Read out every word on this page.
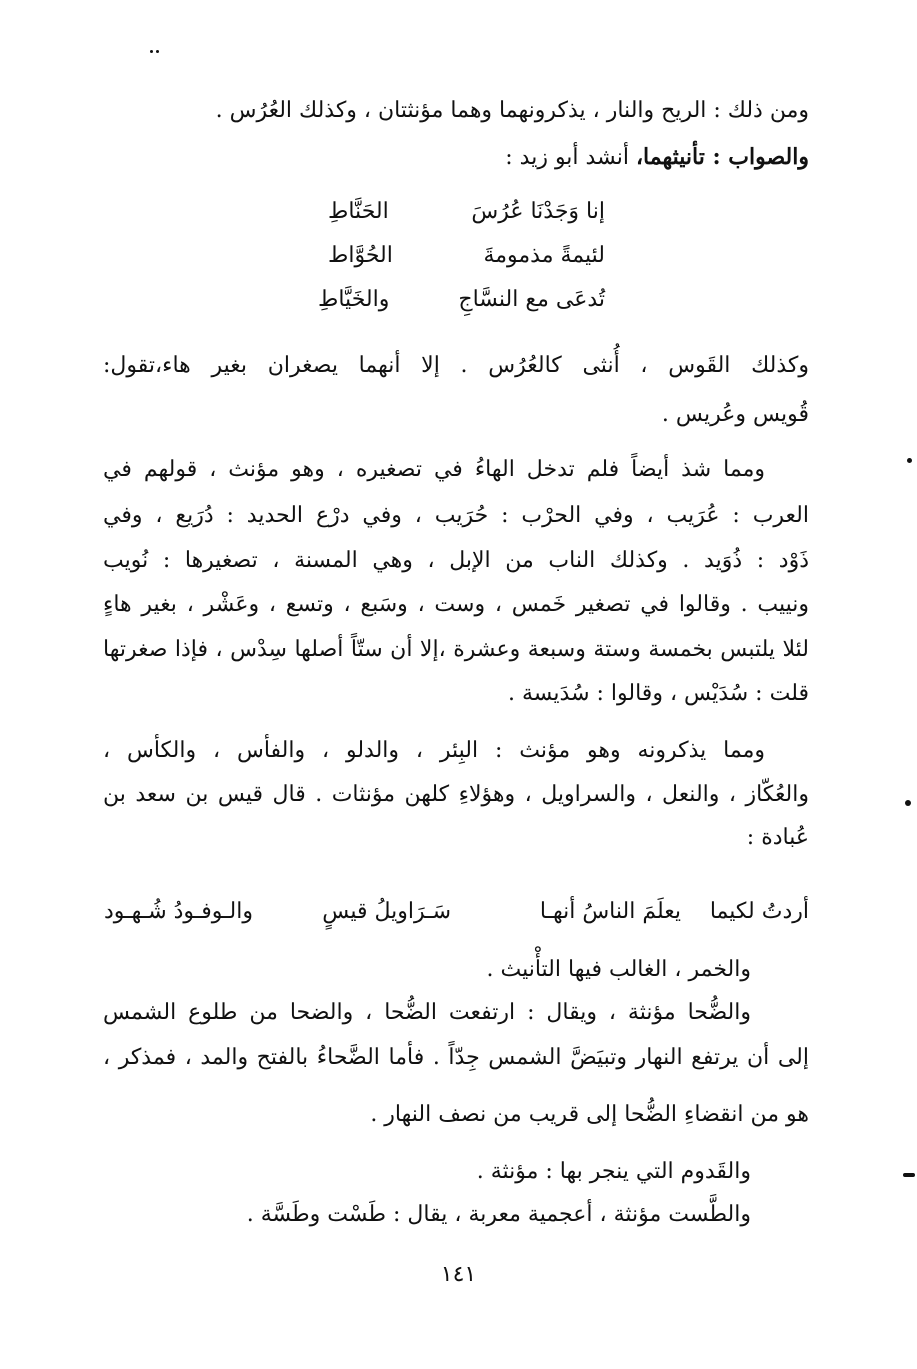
ومن ذلك : الريح والنار ، يذكرونهما وهما مؤنثتان ، وكذلك العُرُس .
والصواب : تأنيثهما، أنشد أبو زيد :
إنا وَجَدْنَا عُرُسَ
الحَنَّاطِ
لئيمةً مذمومةَ
الحُوَّاط
تُدعَى مع النسَّاجِ
والخَيَّاطِ
وكذلك القَوس ، أُنثى كالعُرُس . إلا أنهما يصغران بغير هاء،تقول:
قُويس وعُريس .
ومما شذ أيضاً فلم تدخل الهاءُ في تصغيره ، وهو مؤنث ، قولهم في
العرب : عُرَيب ، وفي الحرْب : حُرَيب ، وفي درْع الحديد : دُرَيع ، وفي
ذَوْد : ذُوَيد . وكذلك الناب من الإبل ، وهي المسنة ، تصغيرها : نُويب
ونييب . وقالوا في تصغير خَمس ، وست ، وسَبع ، وتسع ، وعَشْر ، بغير هاءٍ
لئلا يلتبس بخمسة وستة وسبعة وعشرة ،إلا أن ستّاً أصلها سِدْس ، فإذا صغرتها
قلت : سُدَيْس ، وقالوا : سُدَيسة .
ومما يذكرونه وهو مؤنث : البِئر ، والدلو ، والفأس ، والكأس ،
والعُكّاز ، والنعل ، والسراويل ، وهؤلاءِ كلهن مؤنثات . قال قيس بن سعد بن
عُبادة :
أردتُ لكيما
يعلَمَ الناسُ أنهـا
سَـرَاويلُ قيسٍ
والـوفـودُ شُـهـود
والخمر ، الغالب فيها التأْنيث .
والضُّحا مؤنثة ، ويقال : ارتفعت الضُّحا ، والضحا من طلوع الشمس
إلى أن يرتفع النهار وتبيَضَّ الشمس جِدّاً . فأما الضَّحاءُ بالفتح والمد ، فمذكر ،
هو من انقضاءِ الضُّحا إلى قريب من نصف النهار .
والقَدوم التي ينجر بها : مؤنثة .
والطَّست مؤنثة ، أعجمية معربة ، يقال : طَسْت وطَسَّة .
١٤١
